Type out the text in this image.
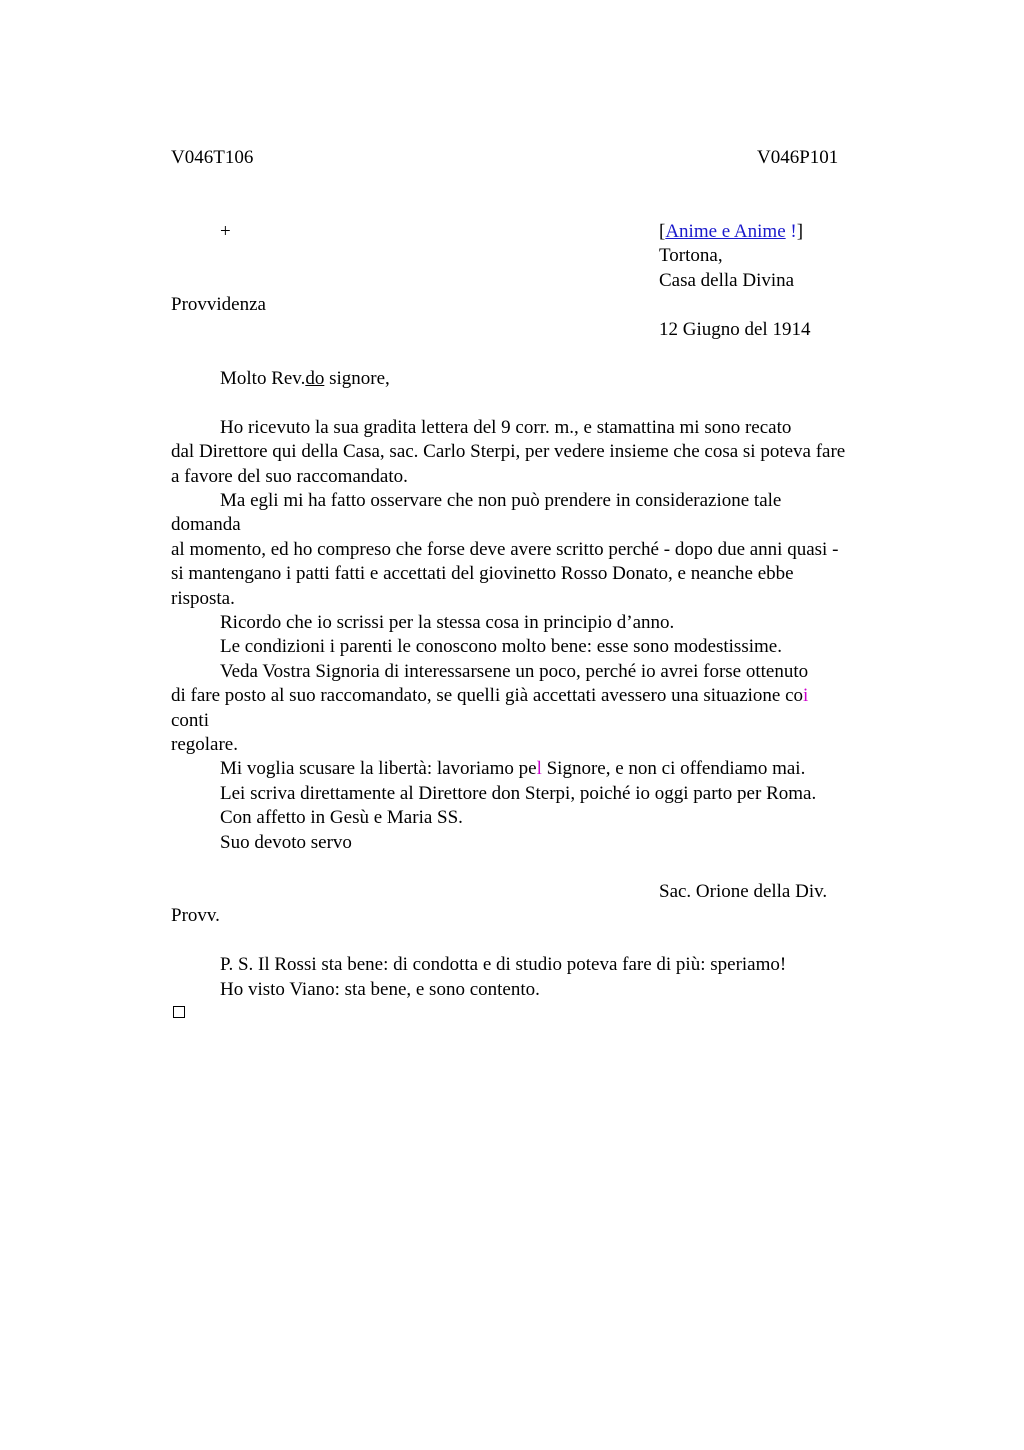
V046T106	V046P101
+	[Anime e Anime !]
Tortona,
Casa della Divina
Provvidenza
12 Giugno del 1914
Molto Rev.do signore,
Ho ricevuto la sua gradita lettera del 9 corr. m., e stamattina mi sono recato
dal Direttore qui della Casa, sac. Carlo Sterpi, per vedere insieme che cosa si poteva fare
a favore del suo raccomandato.
Ma egli mi ha fatto osservare che non può prendere in considerazione tale
domanda
al momento, ed ho compreso che forse deve avere scritto perché - dopo due anni quasi -
si mantengano i patti fatti e accettati del giovinetto Rosso Donato, e neanche ebbe
risposta.
Ricordo che io scrissi per la stessa cosa in principio d’anno.
Le condizioni i parenti le conoscono molto bene: esse sono modestissime.
Veda Vostra Signoria di interessarsene un poco, perché io avrei forse ottenuto
di fare posto al suo raccomandato, se quelli già accettati avessero una situazione coi
conti
regolare.
Mi voglia scusare la libertà: lavoriamo pel Signore, e non ci offendiamo mai.
Lei scriva direttamente al Direttore don Sterpi, poiché io oggi parto per Roma.
Con affetto in Gesù e Maria SS.
Suo devoto servo
Sac. Orione della Div.
Provv.
P. S. Il Rossi sta bene: di condotta e di studio poteva fare di più: speriamo!
Ho visto Viano: sta bene, e sono contento.
